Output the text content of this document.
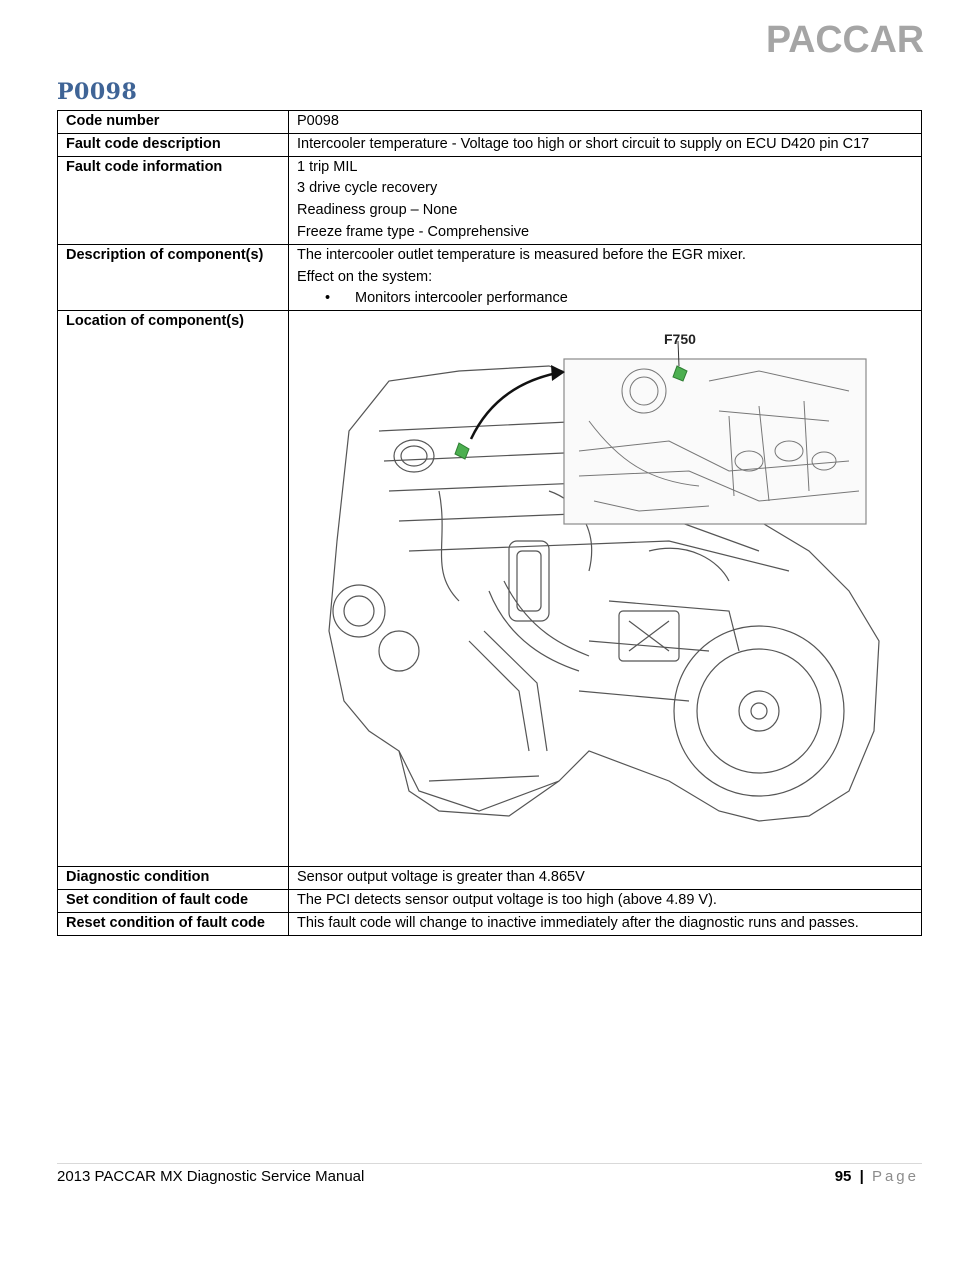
PACCAR
P0098
Code number	P0098
Fault code description	Intercooler temperature - Voltage too high or short circuit to supply on ECU D420 pin C17
Fault code information	1 trip MIL
3 drive cycle recovery
Readiness group – None
Freeze frame type - Comprehensive

Description of component(s)	The intercooler outlet temperature is measured before the EGR mixer.
Effect on the system:
• Monitors intercooler performance

Location of component(s)	F750

Diagnostic condition	Sensor output voltage is greater than 4.865V
Set condition of fault code	The PCI detects sensor output voltage is too high (above 4.89 V).
Reset condition of fault code	This fault code will change to inactive immediately after the diagnostic runs and passes.
2013 PACCAR MX Diagnostic Service Manual	95 | Page
